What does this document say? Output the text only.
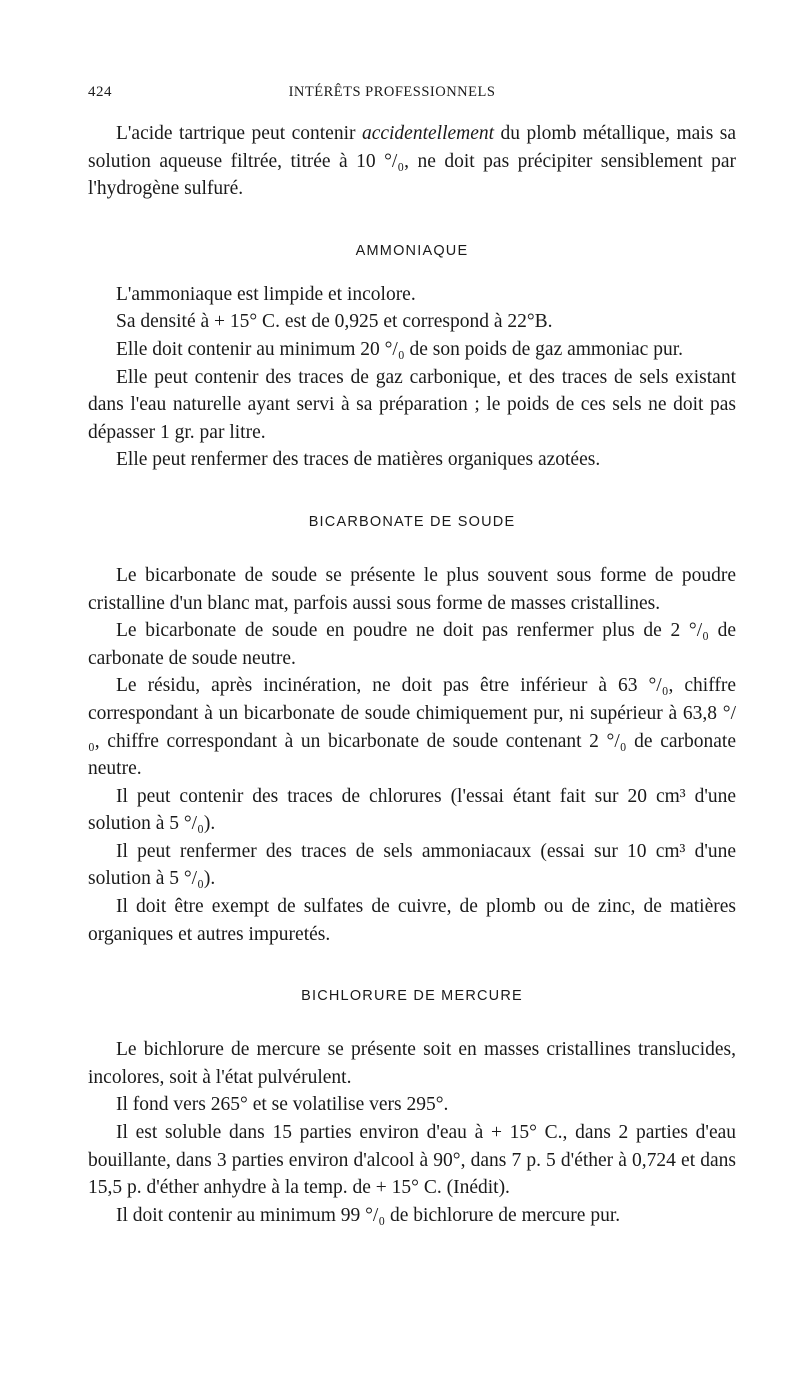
424	INTÉRÊTS PROFESSIONNELS

L'acide tartrique peut contenir accidentellement du plomb métallique, mais sa solution aqueuse filtrée, titrée à 10 °/₀, ne doit pas précipiter sensiblement par l'hydrogène sulfuré.

AMMONIAQUE

L'ammoniaque est limpide et incolore.

Sa densité à + 15° C. est de 0,925 et correspond à 22°B.

Elle doit contenir au minimum 20 °/₀ de son poids de gaz ammoniac pur.

Elle peut contenir des traces de gaz carbonique, et des traces de sels existant dans l'eau naturelle ayant servi à sa préparation ; le poids de ces sels ne doit pas dépasser 1 gr. par litre.

Elle peut renfermer des traces de matières organiques azotées.

BICARBONATE DE SOUDE

Le bicarbonate de soude se présente le plus souvent sous forme de poudre cristalline d'un blanc mat, parfois aussi sous forme de masses cristallines.

Le bicarbonate de soude en poudre ne doit pas renfermer plus de 2 °/₀ de carbonate de soude neutre.

Le résidu, après incinération, ne doit pas être inférieur à 63 °/₀, chiffre correspondant à un bicarbonate de soude chimiquement pur, ni supérieur à 63,8 °/₀, chiffre correspondant à un bicarbonate de soude contenant 2 °/₀ de carbonate neutre.

Il peut contenir des traces de chlorures (l'essai étant fait sur 20 cm³ d'une solution à 5 °/₀).

Il peut renfermer des traces de sels ammoniacaux (essai sur 10 cm³ d'une solution à 5 °/₀).

Il doit être exempt de sulfates de cuivre, de plomb ou de zinc, de matières organiques et autres impuretés.

BICHLORURE DE MERCURE

Le bichlorure de mercure se présente soit en masses cristallines translucides, incolores, soit à l'état pulvérulent.

Il fond vers 265° et se volatilise vers 295°.

Il est soluble dans 15 parties environ d'eau à + 15° C., dans 2 parties d'eau bouillante, dans 3 parties environ d'alcool à 90°, dans 7 p. 5 d'éther à 0,724 et dans 15,5 p. d'éther anhydre à la temp. de + 15° C. (Inédit).

Il doit contenir au minimum 99 °/₀ de bichlorure de mercure pur.
